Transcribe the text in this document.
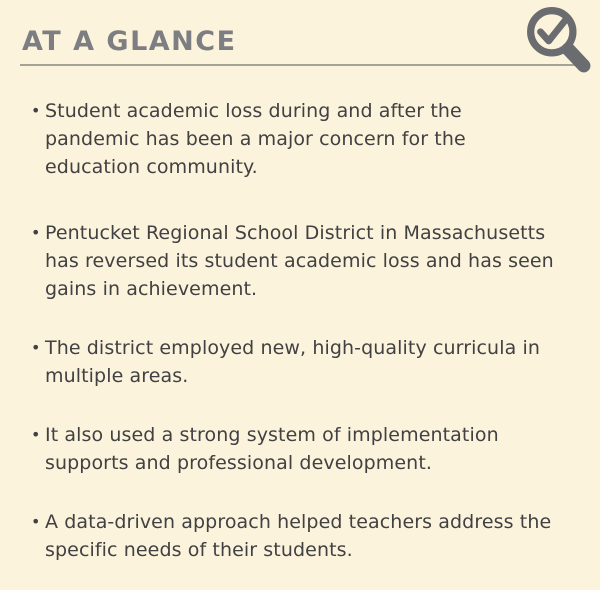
AT A GLANCE
• Student academic loss during and after the pandemic has been a major concern for the education community.
• Pentucket Regional School District in Massachusetts has reversed its student academic loss and has seen gains in achievement.
• The district employed new, high-quality curricula in multiple areas.
• It also used a strong system of implementation supports and professional development.
• A data-driven approach helped teachers address the specific needs of their students.
